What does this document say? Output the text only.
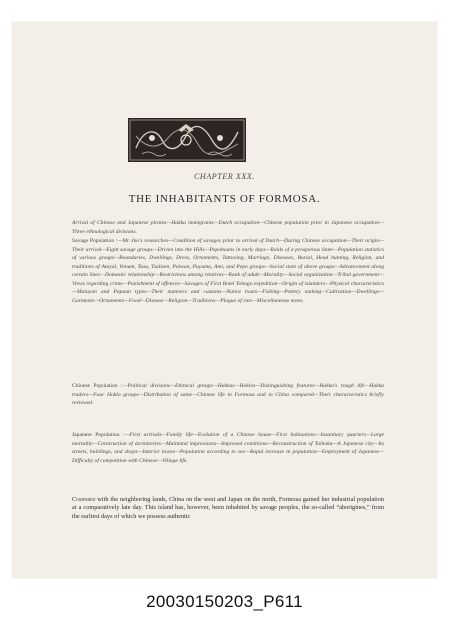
CHAPTER XXX.
THE INHABITANTS OF FORMOSA.

Arrival of Chinese and Japanese pirates—Hakka immigrants—Dutch occupation—Chinese population prior to Japanese occupation—Three ethnological divisions.

Savage Population :—Mr. Ino's researches—Condition of savages prior to arrival of Dutch—During Chinese occupation—Their origin—Their arrival—Eight savage groups—Driven into the Hills—Pepohoans in early days—Raids of a prosperous State—Population statistics of various groups—Boundaries, Dwellings, Dress, Ornaments, Tattooing, Marriage, Diseases, Burial, Head hunting, Religion, and traditions of Atayal, Vonum, Tsou, Tsalisen, Paiwan, Puyuma, Ami, and Pepo groups—Social state of above groups—Advancement along certain lines—Domestic relationship—Restrictions among relatives—Rank of adult—Morality—Social organization—Tribal government—Views regarding crime—Punishment of offences—Savages of First Botel Tobago expedition—Origin of islanders—Physical characteristics—Malayan and Papuan types—Their manners and customs—Native boats—Fishing—Pottery making—Cultivation—Dwellings—Garments—Ornaments—Food—Disease—Religion—Traditions—Plague of rats—Miscellaneous notes.

Chinese Population :—Political divisions—Ethnical groups—Hakkas—Hoklos—Distinguishing features—Hakka's rough life—Hakka traders—Four Hoklo groups—Distribution of same—Chinese life in Formosa and in China compared—Their characteristics briefly reviewed.

Japanese Population :—First arrivals—Family life—Evolution of a Chinese house—First habitations—Insanitary quarters—Large mortality—Construction of dormitories—Mainland impressions—Improved conditions—Reconstruction of Taihoku—A Japanese city—Its streets, buildings, and shops—Interior towns—Population according to sex—Rapid increase in population—Employment of Japanese—Difficulty of competition with Chinese—Village life.

Compared with the neighboring lands, China on the west and Japan on the north, Formosa gained her industrial population at a comparatively late day. This island has, however, been inhabited by savage peoples, the so-called “aborigines,” from the earliest days of which we possess authentic

20030150203_P611
